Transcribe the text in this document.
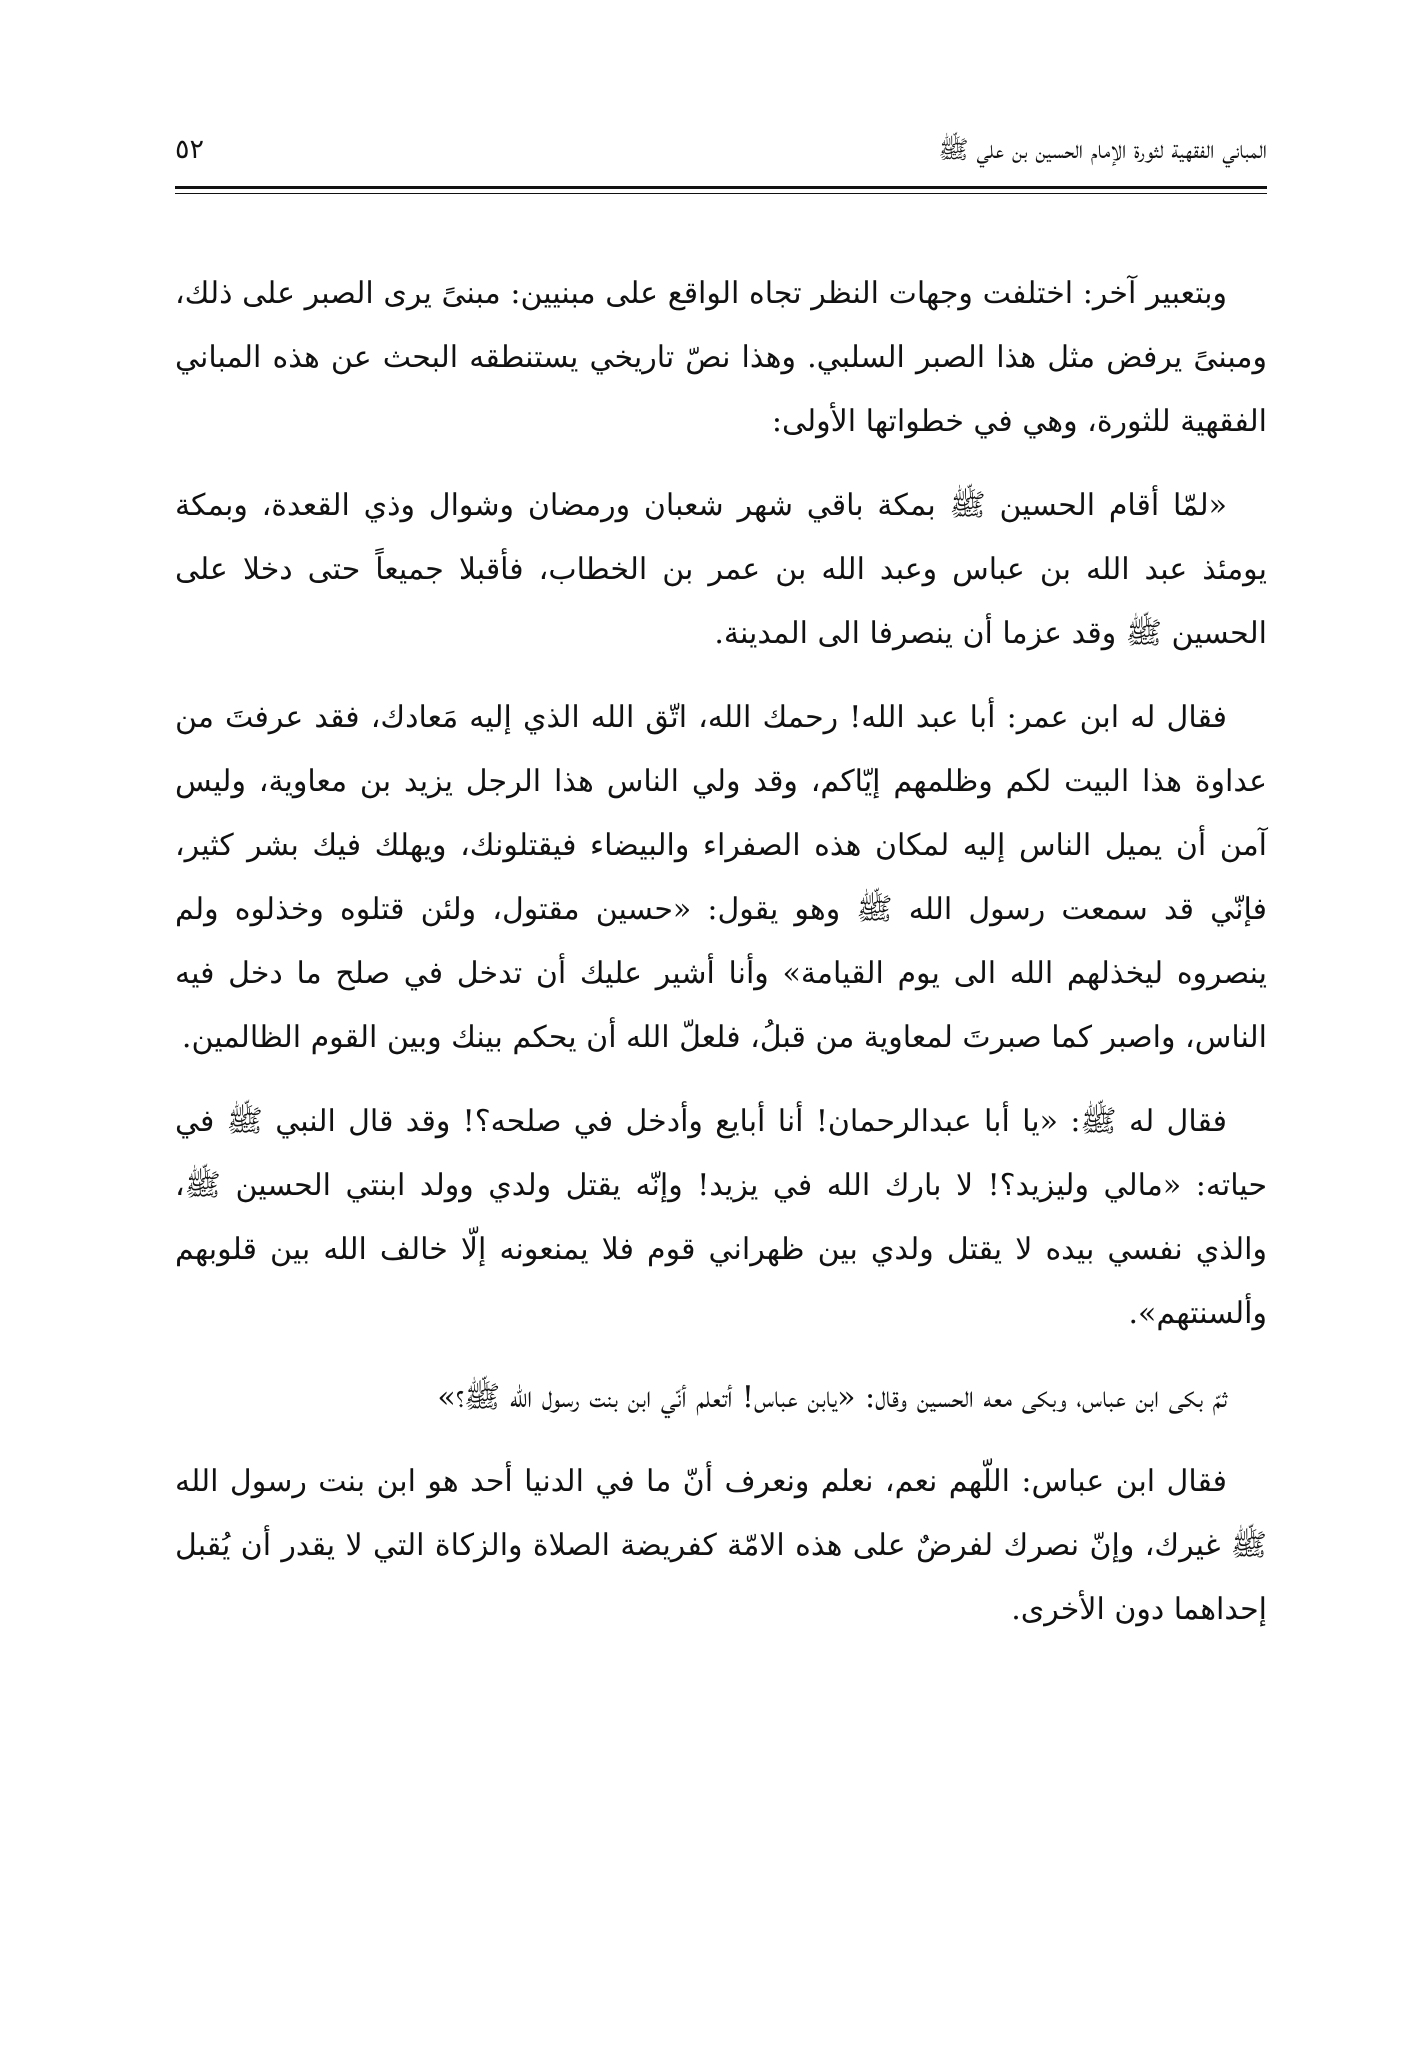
المباني الفقهية لثورة الإمام الحسين بن علي ﷺ
٥٢

وبتعبير آخر: اختلفت وجهات النظر تجاه الواقع على مبنيين: مبنىً يرى الصبر على ذلك، ومبنىً يرفض مثل هذا الصبر السلبي. وهذا نصّ تاريخي يستنطقه البحث عن هذه المباني الفقهية للثورة، وهي في خطواتها الأولى:

«لمّا أقام الحسين ﷺ بمكة باقي شهر شعبان ورمضان وشوال وذي القعدة، وبمكة يومئذ عبد الله بن عباس وعبد الله بن عمر بن الخطاب، فأقبلا جميعاً حتى دخلا على الحسين ﷺ وقد عزما أن ينصرفا الى المدينة.

فقال له ابن عمر: أبا عبد الله! رحمك الله، اتّق الله الذي إليه مَعادك، فقد عرفتَ من عداوة هذا البيت لكم وظلمهم إيّاكم، وقد ولي الناس هذا الرجل يزيد بن معاوية، وليس آمن أن يميل الناس إليه لمكان هذه الصفراء والبيضاء فيقتلونك، ويهلك فيك بشر كثير، فإنّي قد سمعت رسول الله ﷺ وهو يقول: «حسين مقتول، ولئن قتلوه وخذلوه ولم ينصروه ليخذلهم الله الى يوم القيامة» وأنا أشير عليك أن تدخل في صلح ما دخل فيه الناس، واصبر كما صبرتَ لمعاوية من قبلُ، فلعلّ الله أن يحكم بينك وبين القوم الظالمين.

فقال له ﷺ: «يا أبا عبدالرحمان! أنا أبايع وأدخل في صلحه؟! وقد قال النبي ﷺ في حياته: «مالي وليزيد؟! لا بارك الله في يزيد! وإنّه يقتل ولدي وولد ابنتي الحسين ﷺ، والذي نفسي بيده لا يقتل ولدي بين ظهراني قوم فلا يمنعونه إلّا خالف الله بين قلوبهم وألسنتهم».

ثمّ بكى ابن عباس، وبكى معه الحسين وقال: «يابن عباس! أتعلم أنّي ابن بنت رسول الله ﷺ؟»

فقال ابن عباس: اللّهم نعم، نعلم ونعرف أنّ ما في الدنيا أحد هو ابن بنت رسول الله ﷺ غيرك، وإنّ نصرك لفرضٌ على هذه الامّة كفريضة الصلاة والزكاة التي لا يقدر أن يُقبل إحداهما دون الأخرى.
